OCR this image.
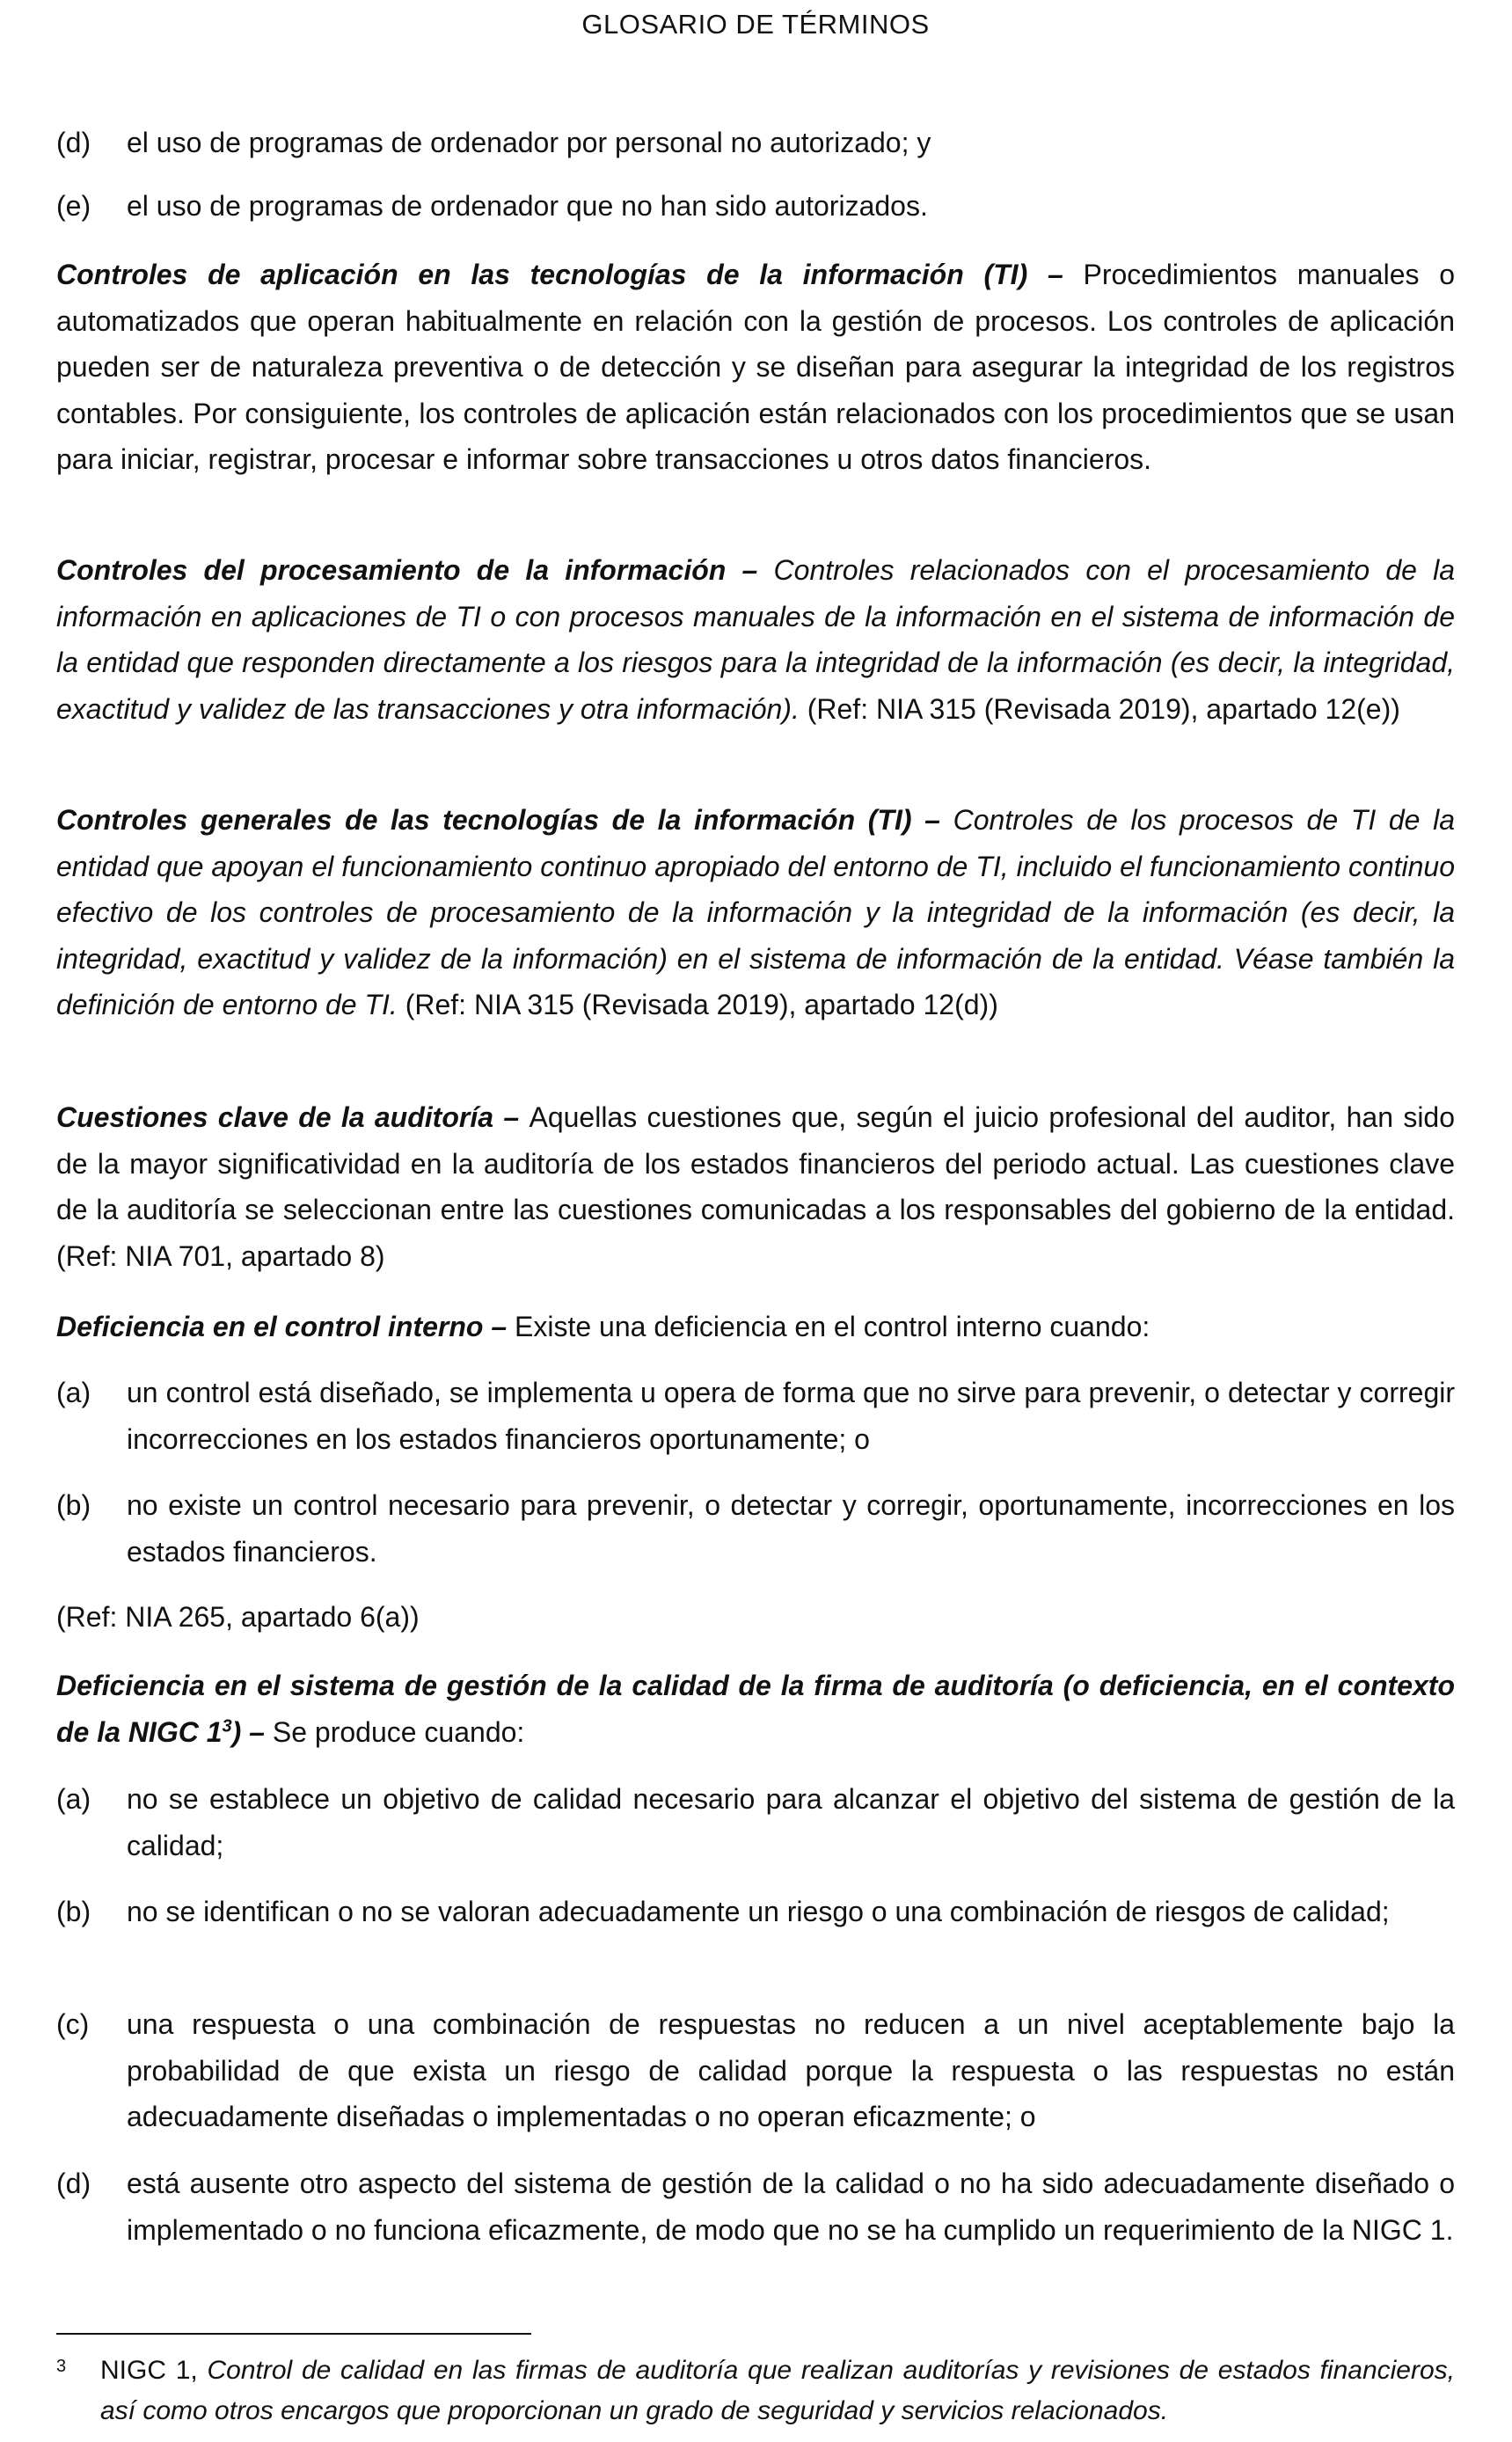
GLOSARIO DE TÉRMINOS
(d)	el uso de programas de ordenador por personal no autorizado; y
(e)	el uso de programas de ordenador que no han sido autorizados.

Controles de aplicación en las tecnologías de la información (TI) – Procedimientos manuales o automatizados que operan habitualmente en relación con la gestión de procesos. Los controles de aplicación pueden ser de naturaleza preventiva o de detección y se diseñan para asegurar la integridad de los registros contables. Por consiguiente, los controles de aplicación están relacionados con los procedimientos que se usan para iniciar, registrar, procesar e informar sobre transacciones u otros datos financieros.

Controles del procesamiento de la información – Controles relacionados con el procesamiento de la información en aplicaciones de TI o con procesos manuales de la información en el sistema de información de la entidad que responden directamente a los riesgos para la integridad de la información (es decir, la integridad, exactitud y validez de las transacciones y otra información). (Ref: NIA 315 (Revisada 2019), apartado 12(e))

Controles generales de las tecnologías de la información (TI) – Controles de los procesos de TI de la entidad que apoyan el funcionamiento continuo apropiado del entorno de TI, incluido el funcionamiento continuo efectivo de los controles de procesamiento de la información y la integridad de la información (es decir, la integridad, exactitud y validez de la información) en el sistema de información de la entidad. Véase también la definición de entorno de TI. (Ref: NIA 315 (Revisada 2019), apartado 12(d))

Cuestiones clave de la auditoría – Aquellas cuestiones que, según el juicio profesional del auditor, han sido de la mayor significatividad en la auditoría de los estados financieros del periodo actual. Las cuestiones clave de la auditoría se seleccionan entre las cuestiones comunicadas a los responsables del gobierno de la entidad. (Ref: NIA 701, apartado 8)

Deficiencia en el control interno – Existe una deficiencia en el control interno cuando:

(a)	un control está diseñado, se implementa u opera de forma que no sirve para prevenir, o detectar y corregir incorrecciones en los estados financieros oportunamente; o
(b)	no existe un control necesario para prevenir, o detectar y corregir, oportunamente, incorrecciones en los estados financieros.

(Ref: NIA 265, apartado 6(a))

Deficiencia en el sistema de gestión de la calidad de la firma de auditoría (o deficiencia, en el contexto de la NIGC $1^3$) – Se produce cuando:

(a)	no se establece un objetivo de calidad necesario para alcanzar el objetivo del sistema de gestión de la calidad;
(b)	no se identifican o no se valoran adecuadamente un riesgo o una combinación de riesgos de calidad;
(c)	una respuesta o una combinación de respuestas no reducen a un nivel aceptablemente bajo la probabilidad de que exista un riesgo de calidad porque la respuesta o las respuestas no están adecuadamente diseñadas o implementadas o no operan eficazmente; o
(d)	está ausente otro aspecto del sistema de gestión de la calidad o no ha sido adecuadamente diseñado o implementado o no funciona eficazmente, de modo que no se ha cumplido un requerimiento de la NIGC 1.
3	NIGC 1, Control de calidad en las firmas de auditoría que realizan auditorías y revisiones de estados financieros, así como otros encargos que proporcionan un grado de seguridad y servicios relacionados.
